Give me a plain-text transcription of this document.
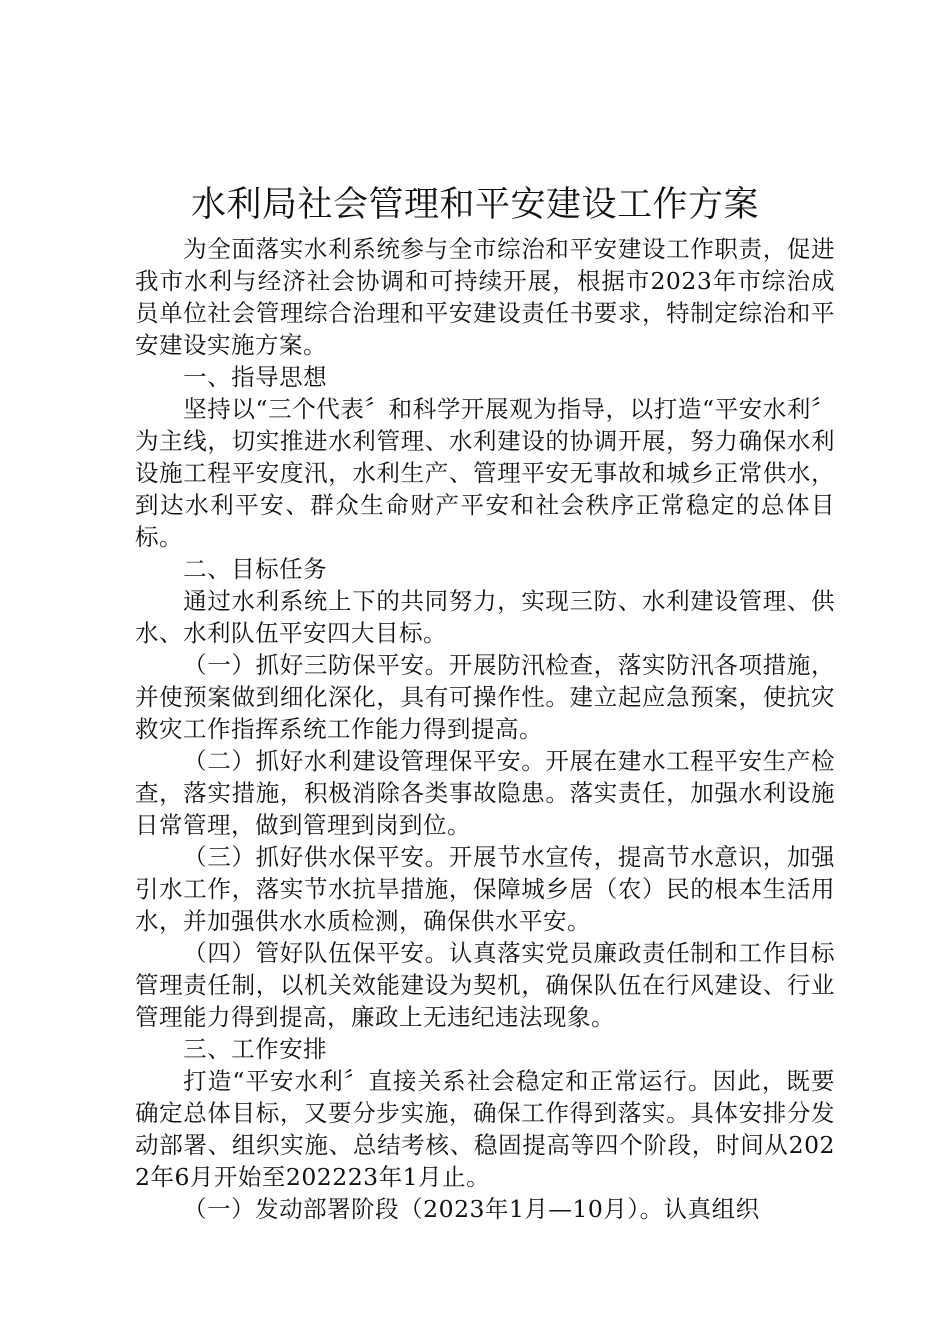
水利局社会管理和平安建设工作方案

为全面落实水利系统参与全市综治和平安建设工作职责，促进我市水利与经济社会协调和可持续开展，根据市2023年市综治成员单位社会管理综合治理和平安建设责任书要求，特制定综治和平安建设实施方案。

一、指导思想

坚持以“三个代表〞和科学开展观为指导，以打造“平安水利〞为主线，切实推进水利管理、水利建设的协调开展，努力确保水利设施工程平安度汛，水利生产、管理平安无事故和城乡正常供水，到达水利平安、群众生命财产平安和社会秩序正常稳定的总体目标。

二、目标任务

通过水利系统上下的共同努力，实现三防、水利建设管理、供水、水利队伍平安四大目标。

（一）抓好三防保平安。开展防汛检查，落实防汛各项措施，并使预案做到细化深化，具有可操作性。建立起应急预案，使抗灾救灾工作指挥系统工作能力得到提高。

（二）抓好水利建设管理保平安。开展在建水工程平安生产检查，落实措施，积极消除各类事故隐患。落实责任，加强水利设施日常管理，做到管理到岗到位。

（三）抓好供水保平安。开展节水宣传，提高节水意识，加强引水工作，落实节水抗旱措施，保障城乡居（农）民的根本生活用水，并加强供水水质检测，确保供水平安。

（四）管好队伍保平安。认真落实党员廉政责任制和工作目标管理责任制，以机关效能建设为契机，确保队伍在行风建设、行业管理能力得到提高，廉政上无违纪违法现象。

三、工作安排

打造“平安水利〞直接关系社会稳定和正常运行。因此，既要确定总体目标，又要分步实施，确保工作得到落实。具体安排分发动部署、组织实施、总结考核、稳固提高等四个阶段，时间从2022年6月开始至202223年1月止。

（一）发动部署阶段（2023年1月—10月）。认真组织
